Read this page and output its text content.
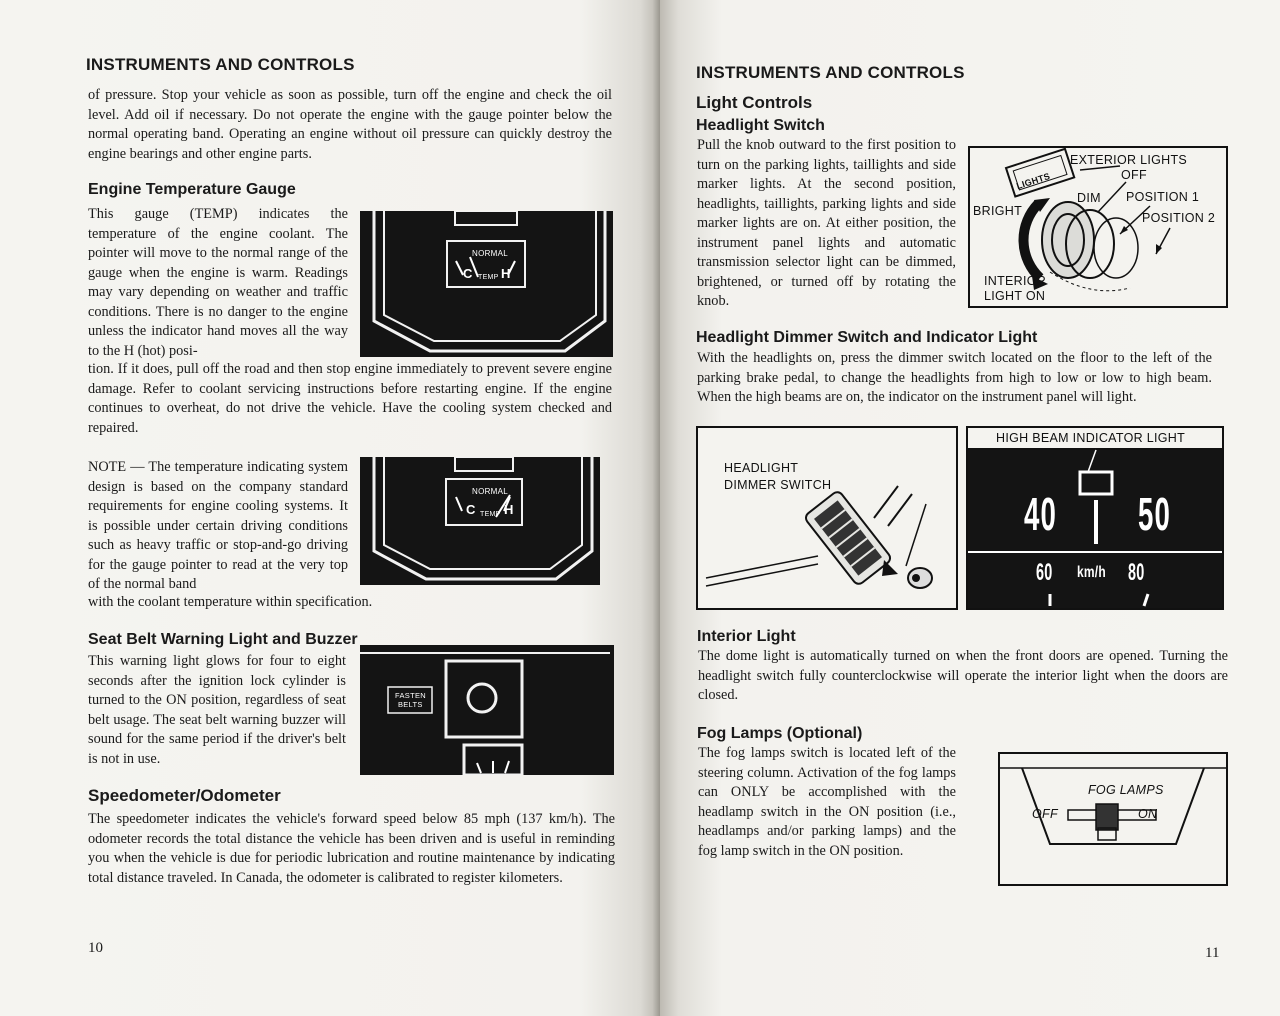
INSTRUMENTS AND CONTROLS
of pressure. Stop your vehicle as soon as possible, turn off the engine and check the oil level. Add oil if necessary. Do not operate the engine with the gauge pointer below the normal operating band. Operating an engine without oil pressure can quickly destroy the engine bearings and other engine parts.
Engine Temperature Gauge
This gauge (TEMP) indicates the temperature of the engine coolant. The pointer will move to the normal range of the gauge when the engine is warm. Readings may vary depending on weather and traffic conditions. There is no danger to the engine unless the indicator hand moves all the way to the H (hot) posi-
NORMAL
C TEMP H
tion. If it does, pull off the road and then stop engine immediately to prevent severe engine damage. Refer to coolant servicing instructions before restarting engine. If the engine continues to overheat, do not drive the vehicle. Have the cooling system checked and repaired.
NOTE — The temperature indicating system design is based on the company standard requirements for engine cooling systems. It is possible under certain driving conditions such as heavy traffic or stop-and-go driving for the gauge pointer to read at the very top of the normal band
NORMAL
C TEMP H
with the coolant temperature within specification.
Seat Belt Warning Light and Buzzer
This warning light glows for four to eight seconds after the ignition lock cylinder is turned to the ON position, regardless of seat belt usage. The seat belt warning buzzer will sound for the same period if the driver's belt is not in use.
FASTEN
BELTS
Speedometer/Odometer
The speedometer indicates the vehicle's forward speed below 85 mph (137 km/h). The odometer records the total distance the vehicle has been driven and is useful in reminding you when the vehicle is due for periodic lubrication and routine maintenance by indicating total distance traveled. In Canada, the odometer is calibrated to register kilometers.
10
INSTRUMENTS AND CONTROLS
Light Controls
Headlight Switch
Pull the knob outward to the first position to turn on the parking lights, taillights and side marker lights. At the second position, headlights, taillights, parking lights and side marker lights are on. At either position, the instrument panel lights and automatic transmission selector light can be dimmed, brightened, or turned off by rotating the knob.
EXTERIOR LIGHTS
OFF
POSITION 1
POSITION 2
DIM
BRIGHT
INTERIOR
LIGHT ON
LIGHTS
Headlight Dimmer Switch and Indicator Light
With the headlights on, press the dimmer switch located on the floor to the left of the parking brake pedal, to change the headlights from high to low or low to high beam. When the high beams are on, the indicator on the instrument panel will light.
HEADLIGHT
DIMMER SWITCH
HIGH BEAM INDICATOR LIGHT
40 50
60 km/h 80
Interior Light
The dome light is automatically turned on when the front doors are opened. Turning the headlight switch fully counterclockwise will operate the interior light when the doors are closed.
Fog Lamps (Optional)
The fog lamps switch is located left of the steering column. Activation of the fog lamps can ONLY be accomplished with the headlamp switch in the ON position (i.e., headlamps and/or parking lamps) and the fog lamp switch in the ON position.
FOG LAMPS
OFF	ON
11
